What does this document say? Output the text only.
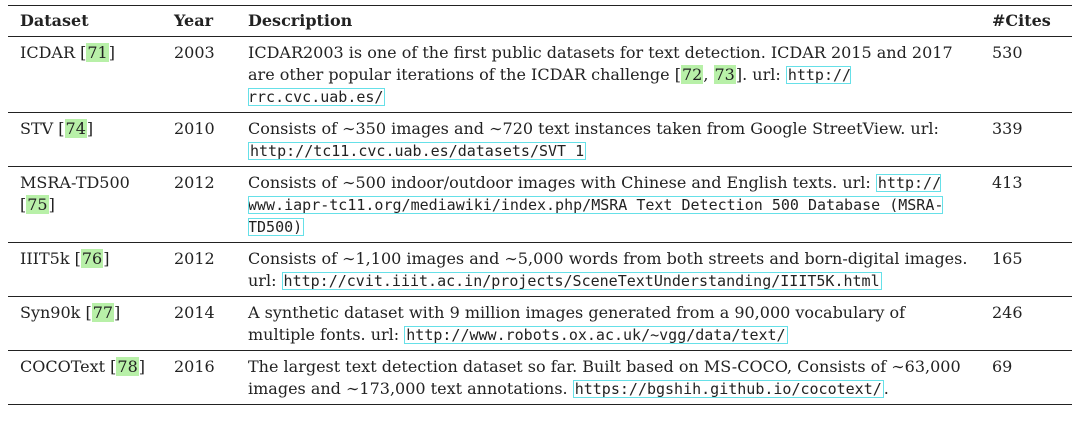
Dataset	Year	Description	#Cites
ICDAR [71]	2003	ICDAR2003 is one of the first public datasets for text detection. ICDAR 2015 and 2017 are other popular iterations of the ICDAR challenge [72, 73]. url: http://rrc.cvc.uab.es/	530
STV [74]	2010	Consists of ∼350 images and ∼720 text instances taken from Google StreetView. url: http://tc11.cvc.uab.es/datasets/SVT_1	339
MSRA-TD500 [75]	2012	Consists of ∼500 indoor/outdoor images with Chinese and English texts. url: http://www.iapr-tc11.org/mediawiki/index.php/MSRA_Text_Detection_500_Database_(MSRA-TD500)	413
IIIT5k [76]	2012	Consists of ∼1,100 images and ∼5,000 words from both streets and born-digital images. url: http://cvit.iiit.ac.in/projects/SceneTextUnderstanding/IIIT5K.html	165
Syn90k [77]	2014	A synthetic dataset with 9 million images generated from a 90,000 vocabulary of multiple fonts. url: http://www.robots.ox.ac.uk/~vgg/data/text/	246
COCOText [78]	2016	The largest text detection dataset so far. Built based on MS-COCO, Consists of ∼63,000 images and ∼173,000 text annotations. https://bgshih.github.io/cocotext/ .	69
